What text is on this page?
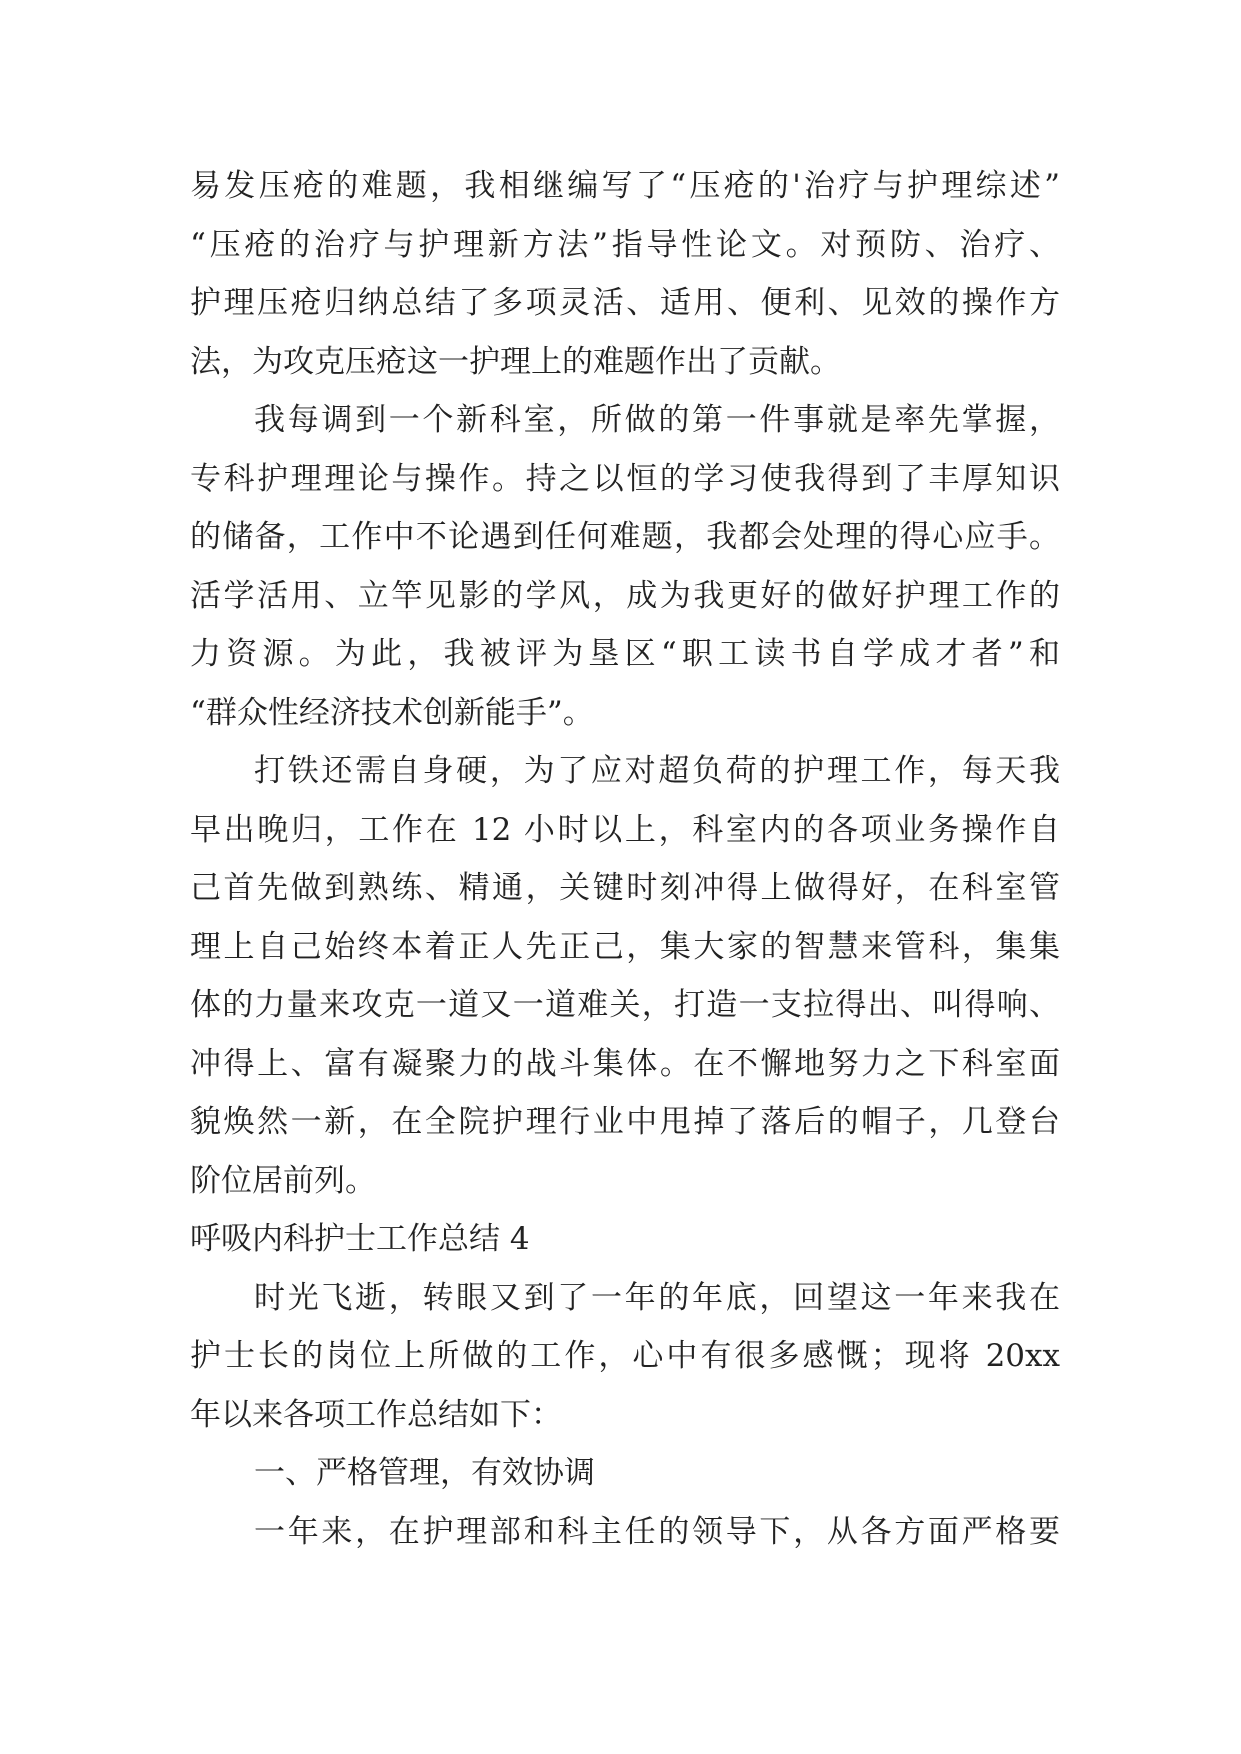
易发压疮的难题，我相继编写了“压疮的'治疗与护理综述”
“压疮的治疗与护理新方法”指导性论文。对预防、治疗、
护理压疮归纳总结了多项灵活、适用、便利、见效的操作方
法，为攻克压疮这一护理上的难题作出了贡献。
我每调到一个新科室，所做的第一件事就是率先掌握，
专科护理理论与操作。持之以恒的学习使我得到了丰厚知识
的储备，工作中不论遇到任何难题，我都会处理的得心应手。
活学活用、立竿见影的学风，成为我更好的做好护理工作的
力资源。为此，我被评为垦区“职工读书自学成才者”和
“群众性经济技术创新能手”。
打铁还需自身硬，为了应对超负荷的护理工作，每天我
早出晚归，工作在 12 小时以上，科室内的各项业务操作自
己首先做到熟练、精通，关键时刻冲得上做得好，在科室管
理上自己始终本着正人先正己，集大家的智慧来管科，集集
体的力量来攻克一道又一道难关，打造一支拉得出、叫得响、
冲得上、富有凝聚力的战斗集体。在不懈地努力之下科室面
貌焕然一新，在全院护理行业中甩掉了落后的帽子，几登台
阶位居前列。
呼吸内科护士工作总结 4
时光飞逝，转眼又到了一年的年底，回望这一年来我在
护士长的岗位上所做的工作，心中有很多感慨；现将 20xx
年以来各项工作总结如下：
一、严格管理，有效协调
一年来，在护理部和科主任的领导下，从各方面严格要
